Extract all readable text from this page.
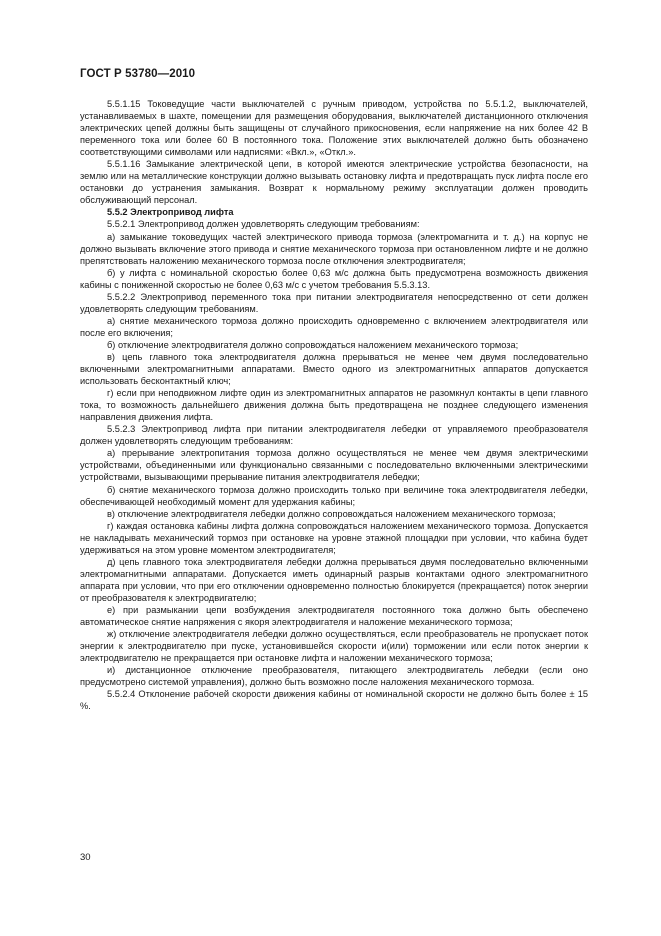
ГОСТ Р 53780—2010

5.5.1.15 Токоведущие части выключателей с ручным приводом, устройства по 5.5.1.2, выключателей, устанавливаемых в шахте, помещении для размещения оборудования, выключателей дистанционного отключения электрических цепей должны быть защищены от случайного прикосновения, если напряжение на них более 42 В переменного тока или более 60 В постоянного тока. Положение этих выключателей должно быть обозначено соответствующими символами или надписями: «Вкл.», «Откл.».

5.5.1.16 Замыкание электрической цепи, в которой имеются электрические устройства безопасности, на землю или на металлические конструкции должно вызывать остановку лифта и предотвращать пуск лифта после его остановки до устранения замыкания. Возврат к нормальному режиму эксплуатации должен проводить обслуживающий персонал.

5.5.2 Электропривод лифта

5.5.2.1 Электропривод должен удовлетворять следующим требованиям:

а) замыкание токоведущих частей электрического привода тормоза (электромагнита и т. д.) на корпус не должно вызывать включение этого привода и снятие механического тормоза при остановленном лифте и не должно препятствовать наложению механического тормоза после отключения электродвигателя;

б) у лифта с номинальной скоростью более 0,63 м/с должна быть предусмотрена возможность движения кабины с пониженной скоростью не более 0,63 м/с с учетом требования 5.5.3.13.

5.5.2.2 Электропривод переменного тока при питании электродвигателя непосредственно от сети должен удовлетворять следующим требованиям.

а) снятие механического тормоза должно происходить одновременно с включением электродвигателя или после его включения;

б) отключение электродвигателя должно сопровождаться наложением механического тормоза;

в) цепь главного тока электродвигателя должна прерываться не менее чем двумя последовательно включенными электромагнитными аппаратами. Вместо одного из электромагнитных аппаратов допускается использовать бесконтактный ключ;

г) если при неподвижном лифте один из электромагнитных аппаратов не разомкнул контакты в цепи главного тока, то возможность дальнейшего движения должна быть предотвращена не позднее следующего изменения направления движения лифта.

5.5.2.3 Электропривод лифта при питании электродвигателя лебедки от управляемого преобразователя должен удовлетворять следующим требованиям:

а) прерывание электропитания тормоза должно осуществляться не менее чем двумя электрическими устройствами, объединенными или функционально связанными с последовательно включенными электрическими устройствами, вызывающими прерывание питания электродвигателя лебедки;

б) снятие механического тормоза должно происходить только при величине тока электродвигателя лебедки, обеспечивающей необходимый момент для удержания кабины;

в) отключение электродвигателя лебедки должно сопровождаться наложением механического тормоза;

г) каждая остановка кабины лифта должна сопровождаться наложением механического тормоза. Допускается не накладывать механический тормоз при остановке на уровне этажной площадки при условии, что кабина будет удерживаться на этом уровне моментом электродвигателя;

д) цепь главного тока электродвигателя лебедки должна прерываться двумя последовательно включенными электромагнитными аппаратами. Допускается иметь одинарный разрыв контактами одного электромагнитного аппарата при условии, что при его отключении одновременно полностью блокируется (прекращается) поток энергии от преобразователя к электродвигателю;

е) при размыкании цепи возбуждения электродвигателя постоянного тока должно быть обеспечено автоматическое снятие напряжения с якоря электродвигателя и наложение механического тормоза;

ж) отключение электродвигателя лебедки должно осуществляться, если преобразователь не пропускает поток энергии к электродвигателю при пуске, установившейся скорости и(или) торможении или если поток энергии к электродвигателю не прекращается при остановке лифта и наложении механического тормоза;

и) дистанционное отключение преобразователя, питающего электродвигатель лебедки (если оно предусмотрено системой управления), должно быть возможно после наложения механического тормоза.

5.5.2.4 Отклонение рабочей скорости движения кабины от номинальной скорости не должно быть более ± 15 %.

30
